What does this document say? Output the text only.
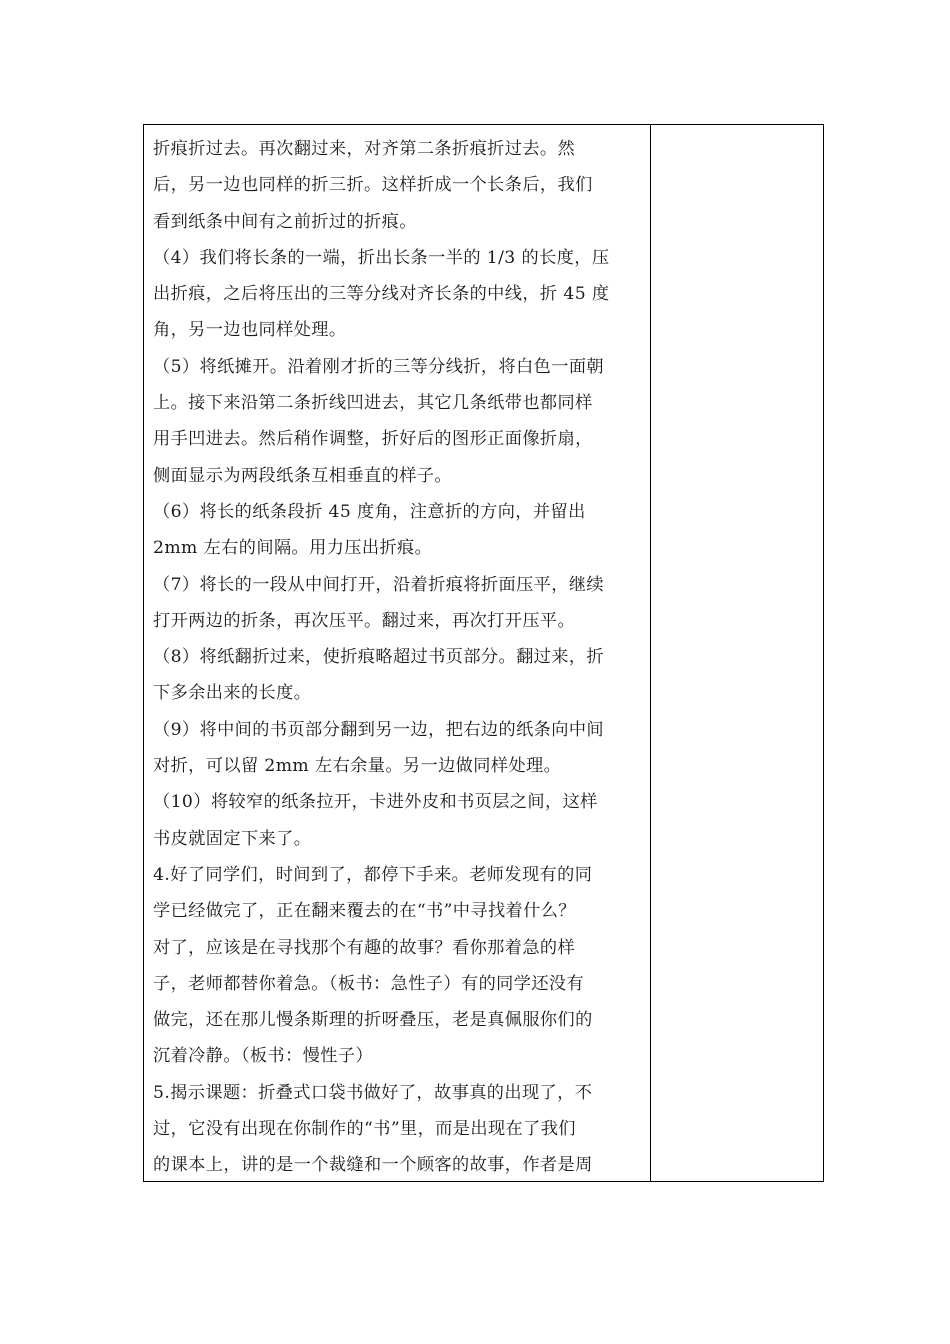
折痕折过去。再次翻过来，对齐第二条折痕折过去。然
后，另一边也同样的折三折。这样折成一个长条后，我们
看到纸条中间有之前折过的折痕。
（4）我们将长条的一端，折出长条一半的 1/3 的长度，压
出折痕，之后将压出的三等分线对齐长条的中线，折 45 度
角，另一边也同样处理。
（5）将纸摊开。沿着刚才折的三等分线折，将白色一面朝
上。接下来沿第二条折线凹进去，其它几条纸带也都同样
用手凹进去。然后稍作调整，折好后的图形正面像折扇，
侧面显示为两段纸条互相垂直的样子。
（6）将长的纸条段折 45 度角，注意折的方向，并留出
2mm 左右的间隔。用力压出折痕。
（7）将长的一段从中间打开，沿着折痕将折面压平，继续
打开两边的折条，再次压平。翻过来，再次打开压平。
（8）将纸翻折过来，使折痕略超过书页部分。翻过来，折
下多余出来的长度。
（9）将中间的书页部分翻到另一边，把右边的纸条向中间
对折，可以留 2mm 左右余量。另一边做同样处理。
（10）将较窄的纸条拉开，卡进外皮和书页层之间，这样
书皮就固定下来了。
4.好了同学们，时间到了，都停下手来。老师发现有的同
学已经做完了，正在翻来覆去的在“书”中寻找着什么？
对了，应该是在寻找那个有趣的故事？看你那着急的样
子，老师都替你着急。（板书：急性子）有的同学还没有
做完，还在那儿慢条斯理的折呀叠压，老是真佩服你们的
沉着冷静。（板书：慢性子）
5.揭示课题：折叠式口袋书做好了，故事真的出现了，不
过，它没有出现在你制作的“书”里，而是出现在了我们
的课本上，讲的是一个裁缝和一个顾客的故事，作者是周
